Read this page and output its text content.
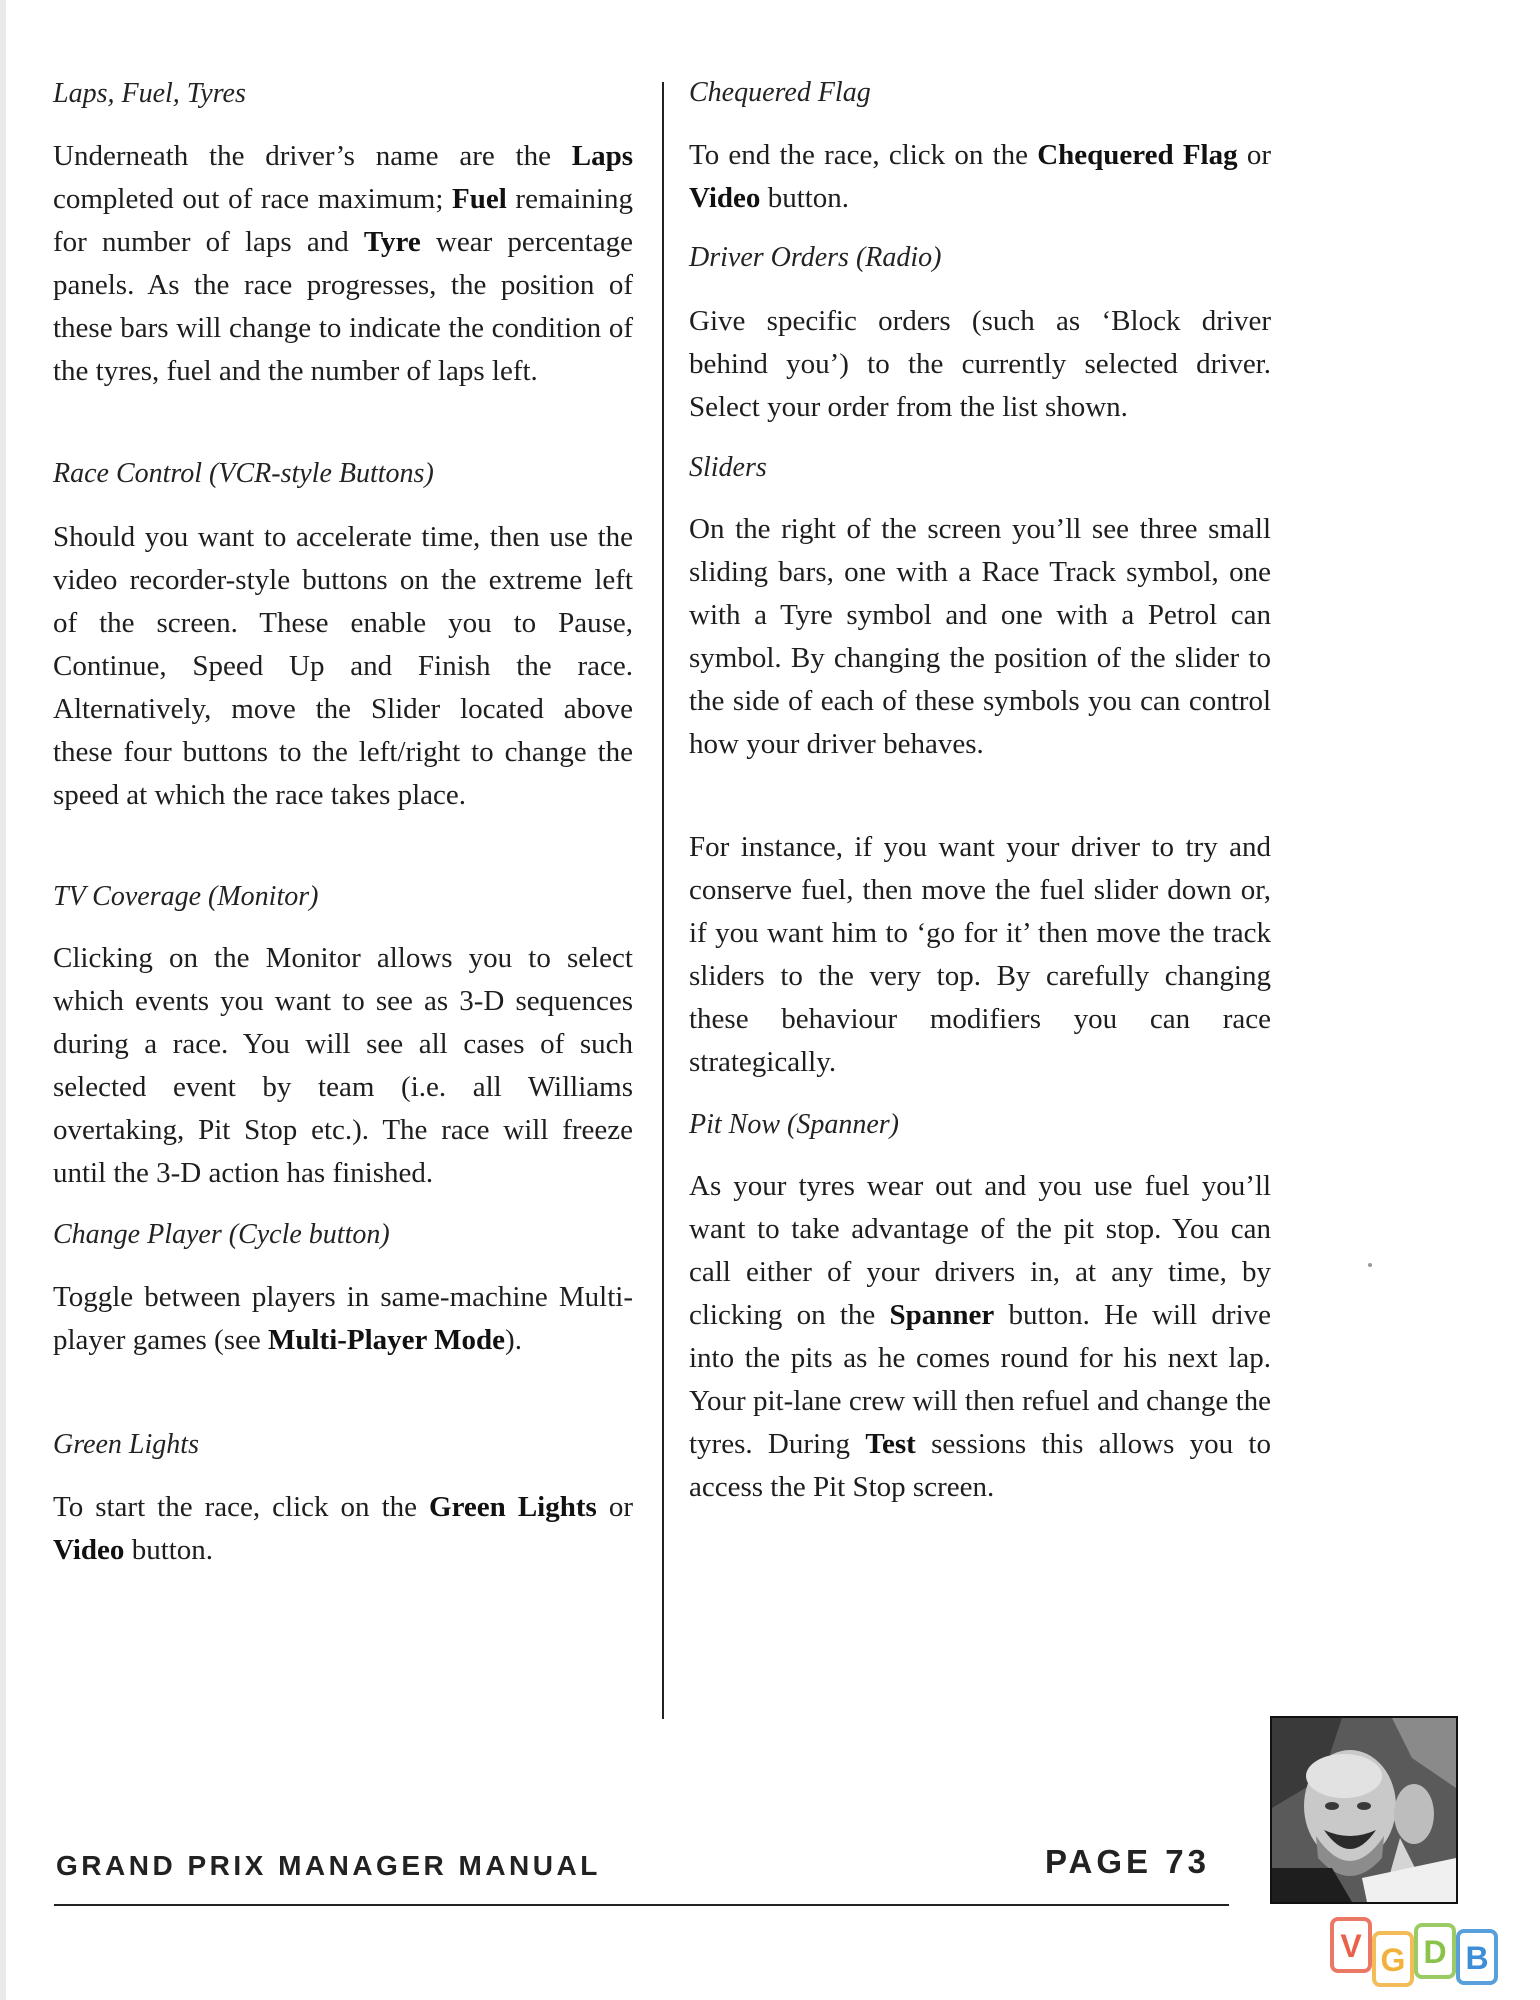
Laps, Fuel, Tyres

Underneath the driver’s name are the Laps completed out of race maximum; Fuel remaining for number of laps and Tyre wear percentage panels. As the race progresses, the position of these bars will change to indicate the condition of the tyres, fuel and the number of laps left.

Race Control (VCR-style Buttons)

Should you want to accelerate time, then use the video recorder-style buttons on the extreme left of the screen. These enable you to Pause, Continue, Speed Up and Finish the race. Alternatively, move the Slider located above these four buttons to the left/right to change the speed at which the race takes place.

TV Coverage (Monitor)

Clicking on the Monitor allows you to select which events you want to see as 3-D sequences during a race. You will see all cases of such selected event by team (i.e. all Williams overtaking, Pit Stop etc.). The race will freeze until the 3-D action has finished.

Change Player (Cycle button)

Toggle between players in same-machine Multi-player games (see Multi-Player Mode).

Green Lights

To start the race, click on the Green Lights or Video button.

Chequered Flag

To end the race, click on the Chequered Flag or Video button.

Driver Orders (Radio)

Give specific orders (such as ‘Block driver behind you’) to the currently selected driver. Select your order from the list shown.

Sliders

On the right of the screen you’ll see three small sliding bars, one with a Race Track symbol, one with a Tyre symbol and one with a Petrol can symbol. By changing the position of the slider to the side of each of these symbols you can control how your driver behaves.

For instance, if you want your driver to try and conserve fuel, then move the fuel slider down or, if you want him to ‘go for it’ then move the track sliders to the very top. By carefully changing these behaviour modifiers you can race strategically.

Pit Now (Spanner)

As your tyres wear out and you use fuel you’ll want to take advantage of the pit stop. You can call either of your drivers in, at any time, by clicking on the Spanner button. He will drive into the pits as he comes round for his next lap. Your pit-lane crew will then refuel and change the tyres. During Test sessions this allows you to access the Pit Stop screen.

GRAND PRIX MANAGER MANUAL	PAGE 73
V G D B
